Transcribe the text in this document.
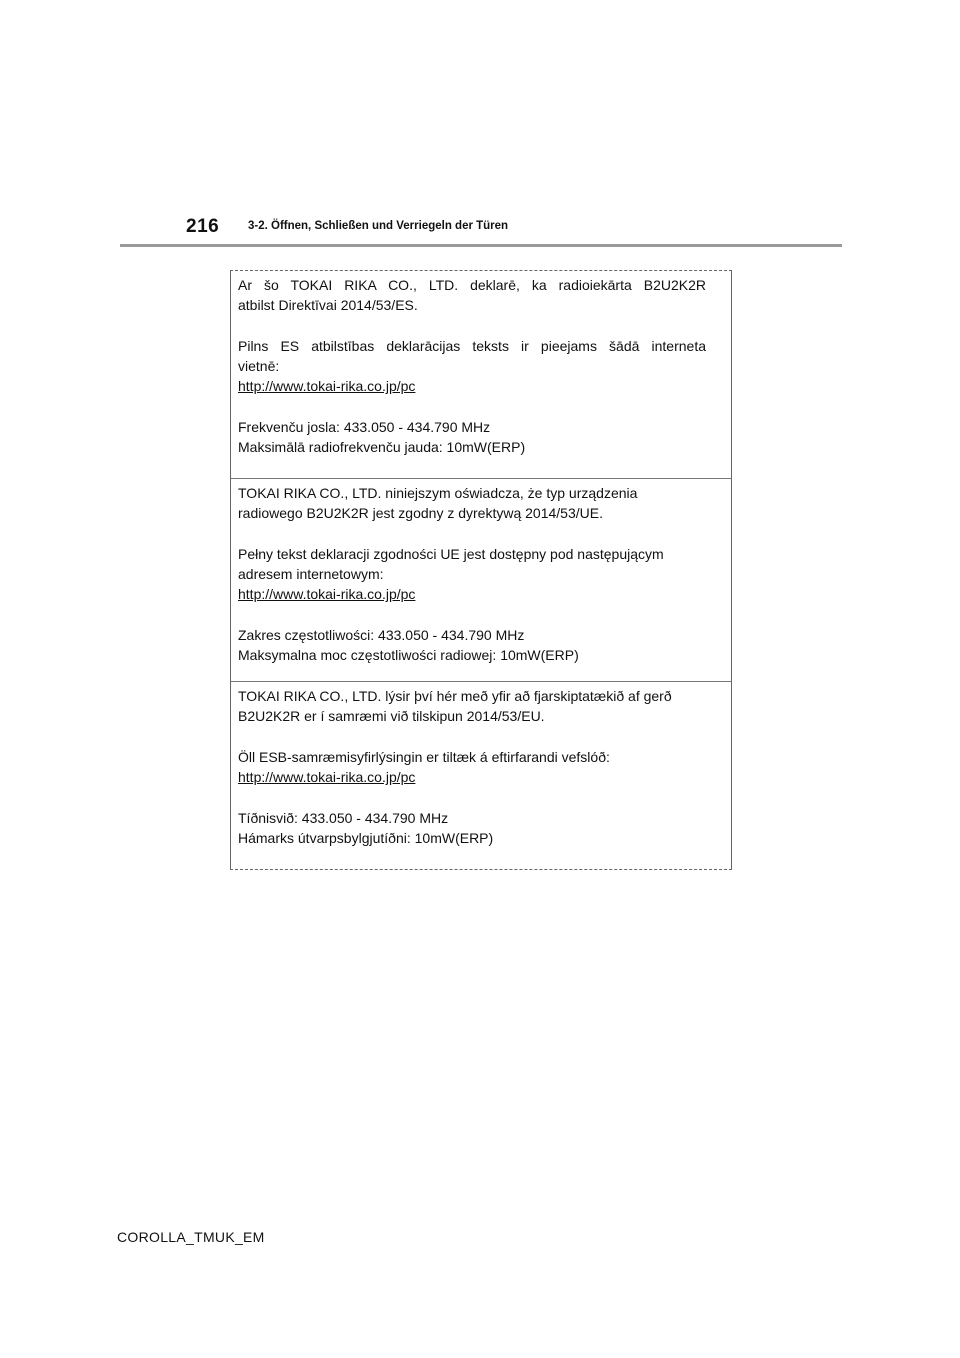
216	3-2. Öffnen, Schließen und Verriegeln der Türen
Ar šo TOKAI RIKA CO., LTD. deklarē, ka radioiekārta B2U2K2R
atbilst Direktīvai 2014/53/ES.
Pilns ES atbilstības deklarācijas teksts ir pieejams šādā interneta
vietnē:
http://www.tokai-rika.co.jp/pc
Frekvenču josla: 433.050 - 434.790 MHz
Maksimālā radiofrekvenču jauda: 10mW(ERP)
TOKAI RIKA CO., LTD. niniejszym oświadcza, że typ urządzenia
radiowego B2U2K2R jest zgodny z dyrektywą 2014/53/UE.
Pełny tekst deklaracji zgodności UE jest dostępny pod następującym
adresem internetowym:
http://www.tokai-rika.co.jp/pc
Zakres częstotliwości: 433.050 - 434.790 MHz
Maksymalna moc częstotliwości radiowej: 10mW(ERP)
TOKAI RIKA CO., LTD. lýsir því hér með yfir að fjarskiptatækið af gerð
B2U2K2R er í samræmi við tilskipun 2014/53/EU.
Öll ESB-samræmisyfirlýsingin er tiltæk á eftirfarandi vefslóð:
http://www.tokai-rika.co.jp/pc
Tíðnisvið: 433.050 - 434.790 MHz
Hámarks útvarpsbylgjutíðni: 10mW(ERP)
COROLLA_TMUK_EM
